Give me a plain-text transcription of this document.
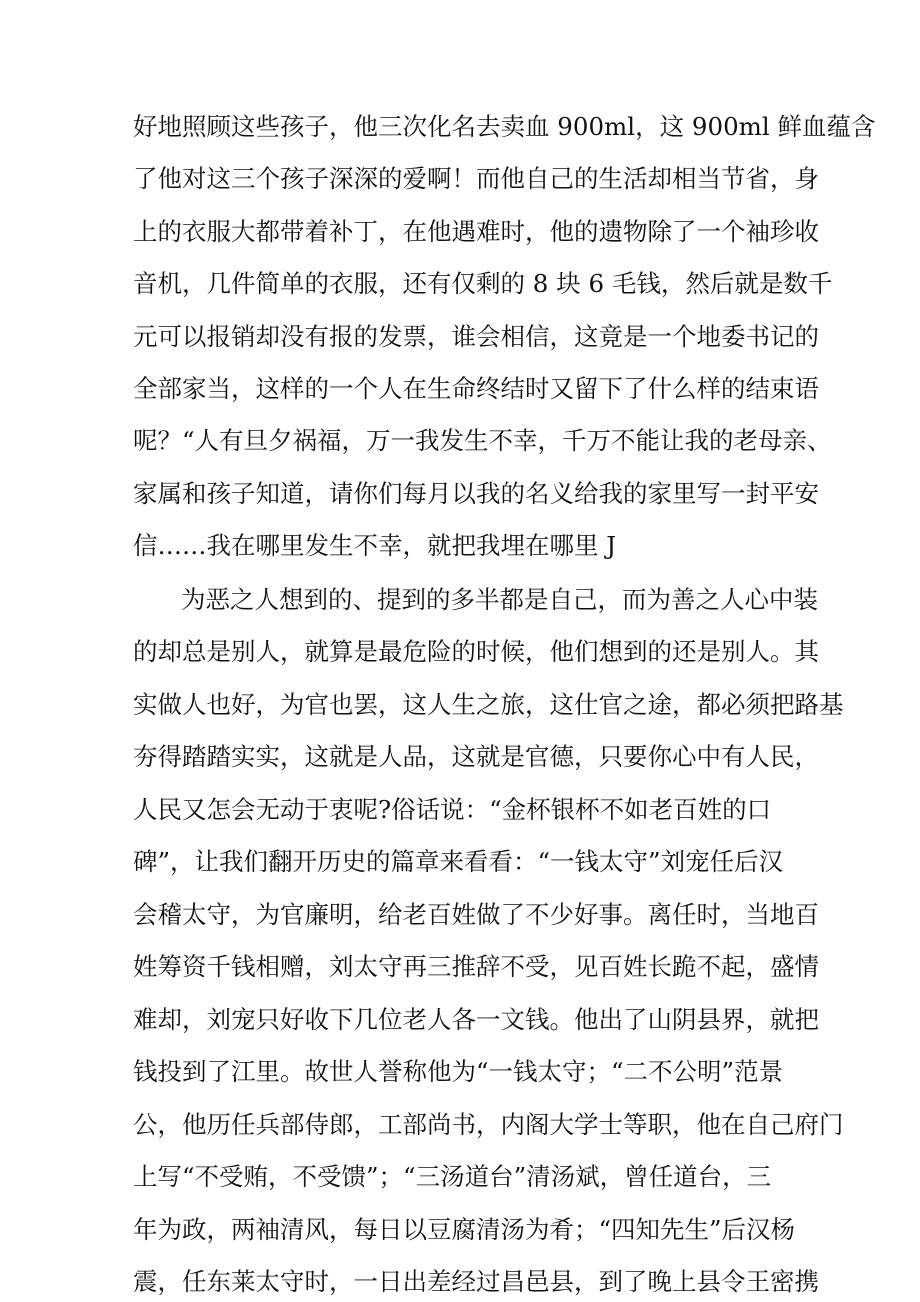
好地照顾这些孩子，他三次化名去卖血 900ml，这 900ml 鲜血蕴含
了他对这三个孩子深深的爱啊！而他自己的生活却相当节省，身
上的衣服大都带着补丁，在他遇难时，他的遗物除了一个袖珍收
音机，几件简单的衣服，还有仅剩的 8 块 6 毛钱，然后就是数千
元可以报销却没有报的发票，谁会相信，这竟是一个地委书记的
全部家当，这样的一个人在生命终结时又留下了什么样的结束语
呢？“人有旦夕祸福，万一我发生不幸，千万不能让我的老母亲、
家属和孩子知道，请你们每月以我的名义给我的家里写一封平安
信……我在哪里发生不幸，就把我埋在哪里 J
为恶之人想到的、提到的多半都是自己，而为善之人心中装
的却总是别人，就算是最危险的时候，他们想到的还是别人。其
实做人也好，为官也罢，这人生之旅，这仕官之途，都必须把路基
夯得踏踏实实，这就是人品，这就是官德，只要你心中有人民，
人民又怎会无动于衷呢?俗话说：“金杯银杯不如老百姓的口
碑”，让我们翻开历史的篇章来看看：“一钱太守”刘宠任后汉
会稽太守，为官廉明，给老百姓做了不少好事。离任时，当地百
姓筹资千钱相赠，刘太守再三推辞不受，见百姓长跪不起，盛情
难却，刘宠只好收下几位老人各一文钱。他出了山阴县界，就把
钱投到了江里。故世人誉称他为“一钱太守；“二不公明”范景
公，他历任兵部侍郎，工部尚书，内阁大学士等职，他在自己府门
上写“不受贿，不受馈”；“三汤道台”清汤斌，曾任道台，三
年为政，两袖清风，每日以豆腐清汤为肴；“四知先生”后汉杨
震，任东莱太守时，一日出差经过昌邑县，到了晚上县令王密携
